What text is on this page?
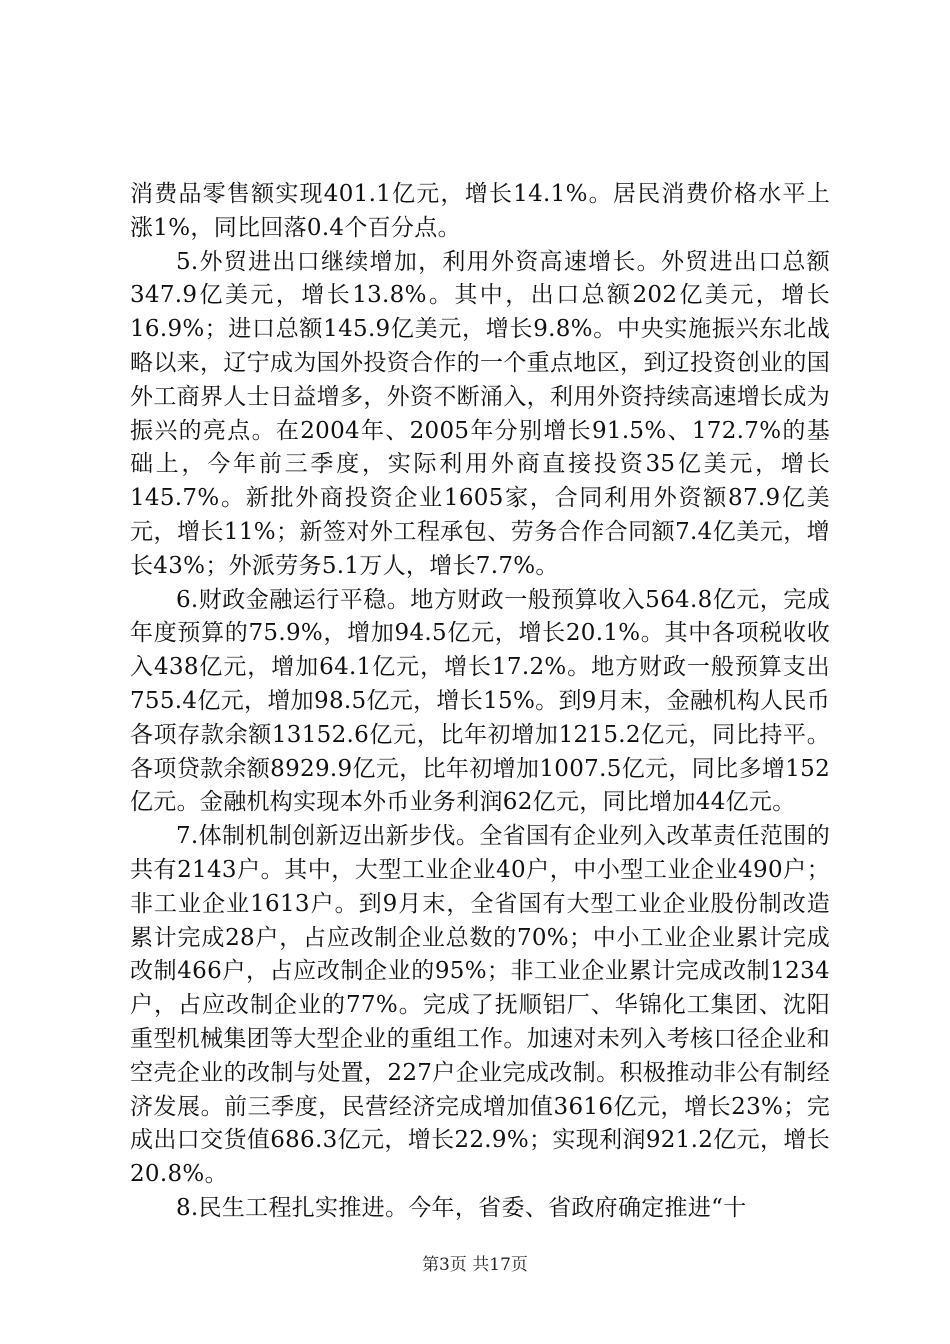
消费品零售额实现401.1亿元，增长14.1%。居民消费价格水平上涨1%，同比回落0.4个百分点。

5.外贸进出口继续增加，利用外资高速增长。外贸进出口总额347.9亿美元，增长13.8%。其中，出口总额202亿美元，增长16.9%；进口总额145.9亿美元，增长9.8%。中央实施振兴东北战略以来，辽宁成为国外投资合作的一个重点地区，到辽投资创业的国外工商界人士日益增多，外资不断涌入，利用外资持续高速增长成为振兴的亮点。在2004年、2005年分别增长91.5%、172.7%的基础上，今年前三季度，实际利用外商直接投资35亿美元，增长145.7%。新批外商投资企业1605家，合同利用外资额87.9亿美元，增长11%；新签对外工程承包、劳务合作合同额7.4亿美元，增长43%；外派劳务5.1万人，增长7.7%。

6.财政金融运行平稳。地方财政一般预算收入564.8亿元，完成年度预算的75.9%，增加94.5亿元，增长20.1%。其中各项税收收入438亿元，增加64.1亿元，增长17.2%。地方财政一般预算支出755.4亿元，增加98.5亿元，增长15%。到9月末，金融机构人民币各项存款余额13152.6亿元，比年初增加1215.2亿元，同比持平。各项贷款余额8929.9亿元，比年初增加1007.5亿元，同比多增152亿元。金融机构实现本外币业务利润62亿元，同比增加44亿元。

7.体制机制创新迈出新步伐。全省国有企业列入改革责任范围的共有2143户。其中，大型工业企业40户，中小型工业企业490户；非工业企业1613户。到9月末，全省国有大型工业企业股份制改造累计完成28户，占应改制企业总数的70%；中小工业企业累计完成改制466户，占应改制企业的95%；非工业企业累计完成改制1234户，占应改制企业的77%。完成了抚顺铝厂、华锦化工集团、沈阳重型机械集团等大型企业的重组工作。加速对未列入考核口径企业和空壳企业的改制与处置，227户企业完成改制。积极推动非公有制经济发展。前三季度，民营经济完成增加值3616亿元，增长23%；完成出口交货值686.3亿元，增长22.9%；实现利润921.2亿元，增长20.8%。

8.民生工程扎实推进。今年，省委、省政府确定推进“十

第3页 共17页
